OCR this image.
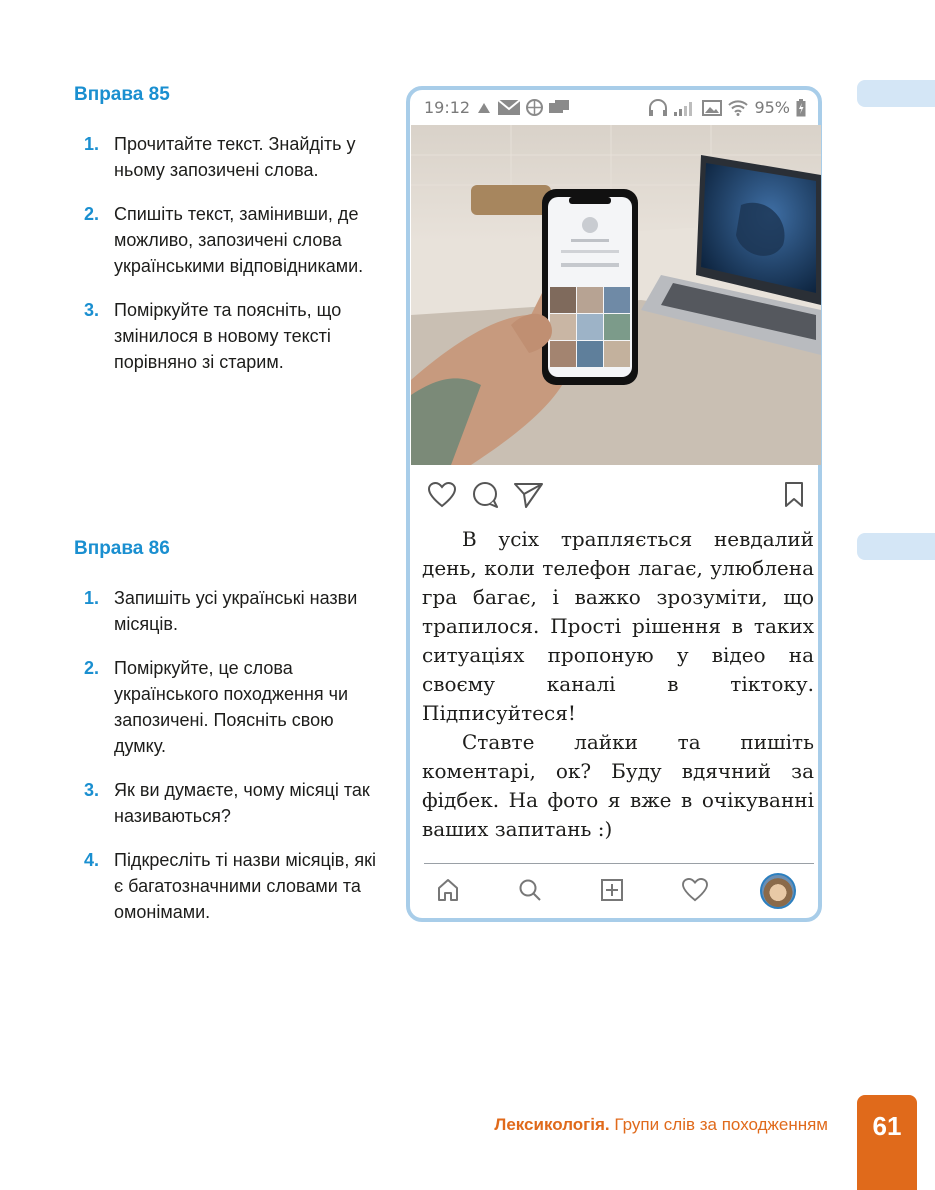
Вправа 85
1. Прочитайте текст. Знайдіть у ньому запозичені слова.
2. Спишіть текст, замінивши, де можливо, запозичені слова українськими відповідниками.
3. Поміркуйте та поясніть, що змінилося в новому тексті порівняно зі старим.
Вправа 86
1. Запишіть усі українські назви місяців.
2. Поміркуйте, це слова українського походження чи запозичені. Поясніть свою думку.
3. Як ви думаєте, чому місяці так називаються?
4. Підкресліть ті назви місяців, які є багатозначними словами та омонімами.
19:12	95%

В усіх трапляється невдалий день, коли телефон лагає, улюблена гра багає, і важко зрозуміти, що трапилося. Прості рішення в таких ситуаціях пропоную у відео на своєму каналі в тіктоку. Підписуйтеся!

Ставте лайки та пишіть коментарі, ок? Буду вдячний за фідбек. На фото я вже в очікуванні ваших запитань :)

Лексикологія. Групи слів за походженням	61
